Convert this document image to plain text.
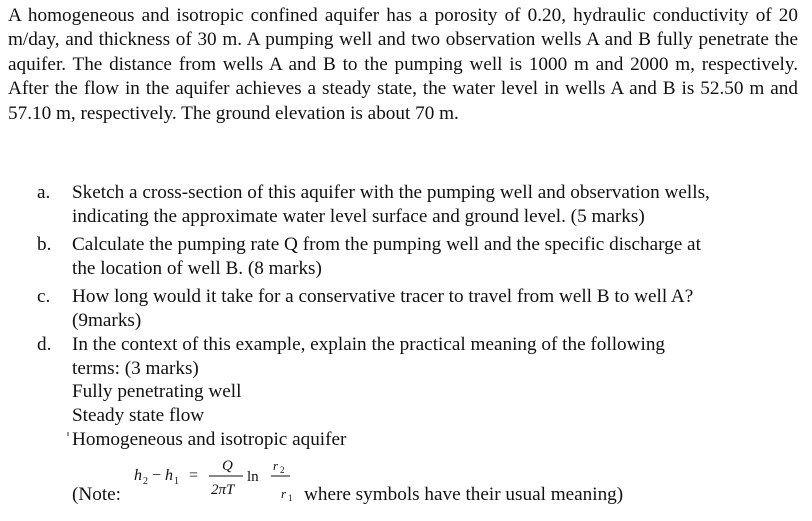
A homogeneous and isotropic confined aquifer has a porosity of 0.20, hydraulic conductivity of 20 m/day, and thickness of 30 m. A pumping well and two observation wells A and B fully penetrate the aquifer. The distance from wells A and B to the pumping well is 1000 m and 2000 m, respectively. After the flow in the aquifer achieves a steady state, the water level in wells A and B is 52.50 m and 57.10 m, respectively. The ground elevation is about 70 m.

a. Sketch a cross-section of this aquifer with the pumping well and observation wells,
indicating the approximate water level surface and ground level. (5 marks)
b. Calculate the pumping rate Q from the pumping well and the specific discharge at
the location of well B. (8 marks)
c. How long would it take for a conservative tracer to travel from well B to well A?
(9marks)
d. In the context of this example, explain the practical meaning of the following
terms: (3 marks)
Fully penetrating well
Steady state flow
Homogeneous and isotropic aquifer
h 2 − h 1 =
Q
2πT
ln
r 2
r 1
(Note:	where symbols have their usual meaning)
